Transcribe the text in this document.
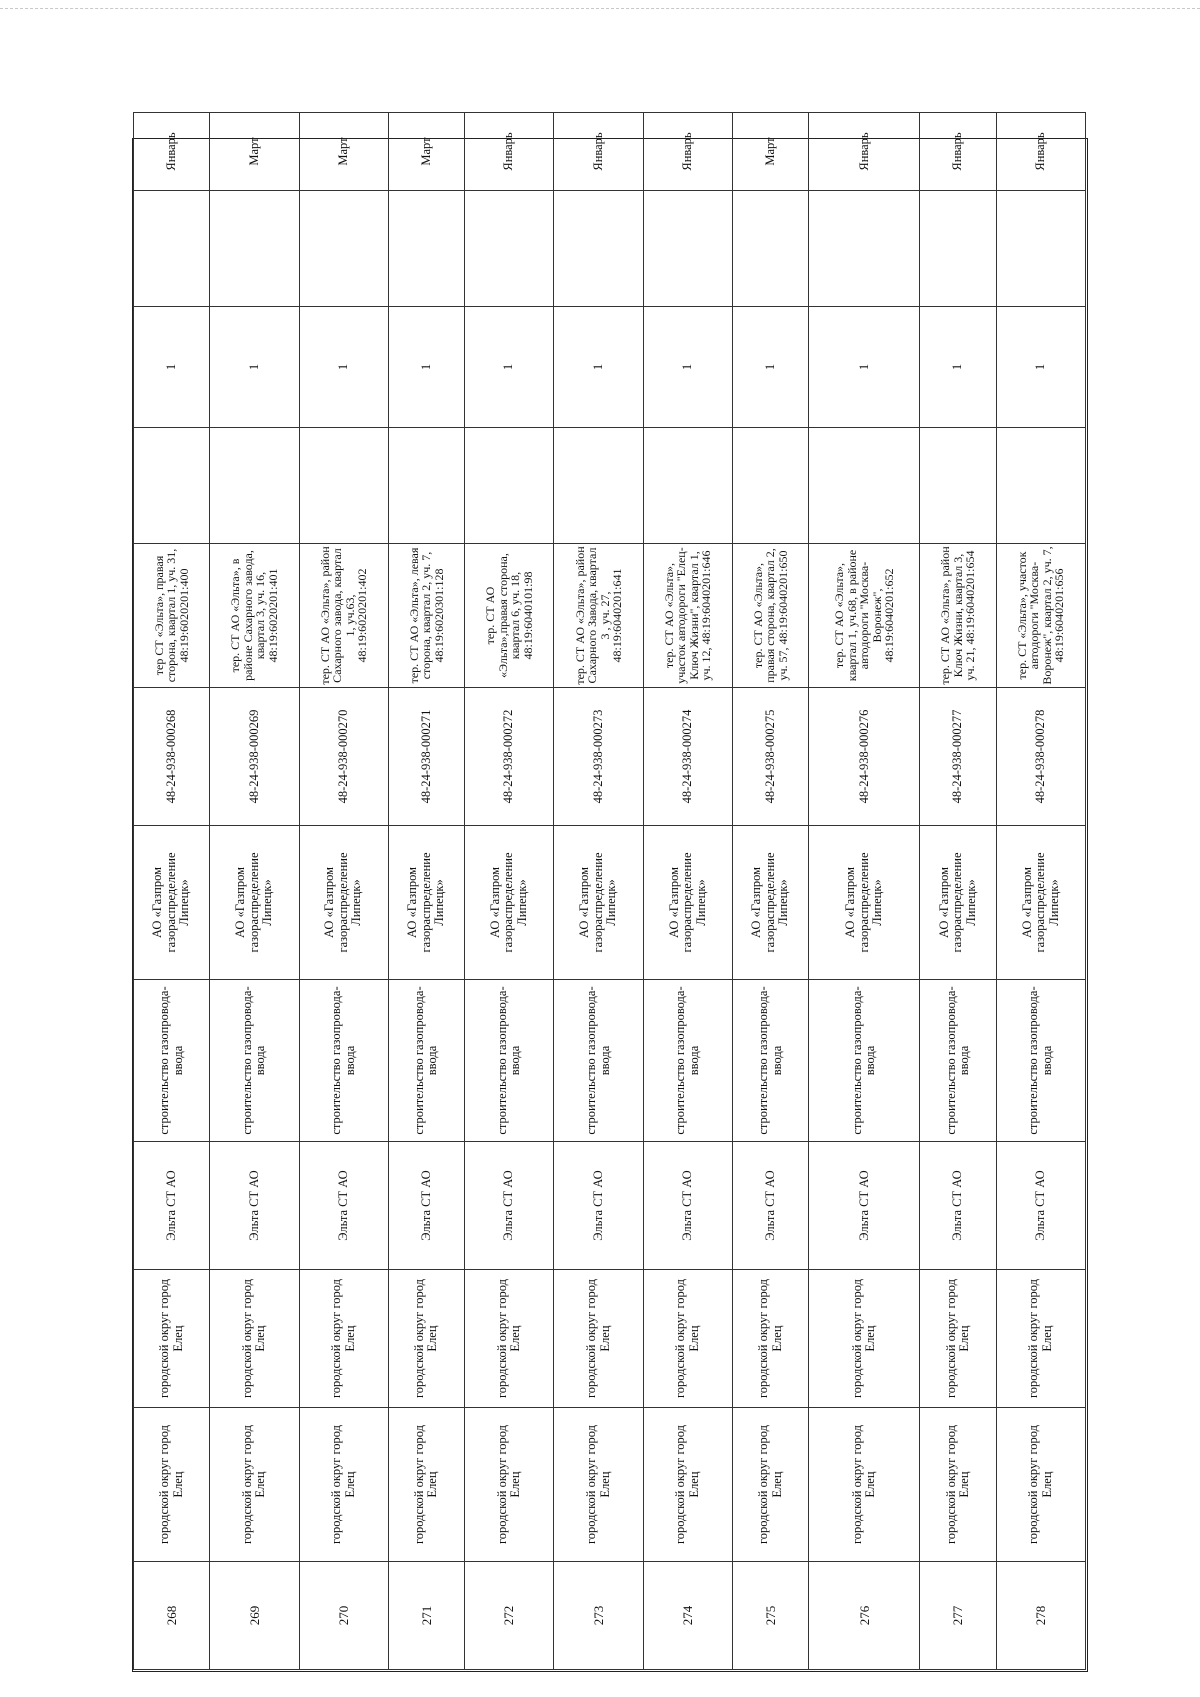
268	городской округ город Елец	городской округ город Елец	Эльта СТ АО	строительство газопровода-ввода	АО «Газпром газораспределение Липецк»	48-24-938-000268	тер СТ «Эльта», правая сторона, квартал 1, уч. 31, 48:19:6020201:400		1		Январь	
269	городской округ город Елец	городской округ город Елец	Эльта СТ АО	строительство газопровода-ввода	АО «Газпром газораспределение Липецк»	48-24-938-000269	тер. СТ АО «Эльта», в районе Сахарного завода, квартал 3, уч. 16, 48:19:6020201:401		1		Март	
270	городской округ город Елец	городской округ город Елец	Эльта СТ АО	строительство газопровода-ввода	АО «Газпром газораспределение Липецк»	48-24-938-000270	тер. СТ АО «Эльта», район Сахарного завода, квартал 1, уч.63, 48:19:6020201:402		1		Март	
271	городской округ город Елец	городской округ город Елец	Эльта СТ АО	строительство газопровода-ввода	АО «Газпром газораспределение Липецк»	48-24-938-000271	тер. СТ АО «Эльта», левая сторона, квартал 2, уч. 7, 48:19:6020301:128		1		Март	
272	городской округ город Елец	городской округ город Елец	Эльта СТ АО	строительство газопровода-ввода	АО «Газпром газораспределение Липецк»	48-24-938-000272	тер. СТ АО «Эльта»,правая сторона, квартал 6, уч. 18, 48:19:6040101:98		1		Январь	
273	городской округ город Елец	городской округ город Елец	Эльта СТ АО	строительство газопровода-ввода	АО «Газпром газораспределение Липецк»	48-24-938-000273	тер. СТ АО «Эльта», район Сахарного Завода, квартал 3 , уч. 27, 48:19:6040201:641		1		Январь	
274	городской округ город Елец	городской округ город Елец	Эльта СТ АО	строительство газопровода-ввода	АО «Газпром газораспределение Липецк»	48-24-938-000274	тер. СТ АО «Эльта», участок автодороги "Елец-Ключ Жизни", квартал 1, уч. 12, 48:19:6040201:646		1		Январь	
275	городской округ город Елец	городской округ город Елец	Эльта СТ АО	строительство газопровода-ввода	АО «Газпром газораспределение Липецк»	48-24-938-000275	тер. СТ АО «Эльта», правая сторона, квартал 2, уч. 57, 48:19:6040201:650		1		Март	
276	городской округ город Елец	городской округ город Елец	Эльта СТ АО	строительство газопровода-ввода	АО «Газпром газораспределение Липецк»	48-24-938-000276	тер. СТ АО «Эльта», квартал 1, уч.68, в районе автодороги "Москва-Воронеж", 48:19:6040201:652		1		Январь	
277	городской округ город Елец	городской округ город Елец	Эльта СТ АО	строительство газопровода-ввода	АО «Газпром газораспределение Липецк»	48-24-938-000277	тер. СТ АО «Эльта», район Ключ Жизни, квартал 3, уч. 21, 48:19:6040201:654		1		Январь	
278	городской округ город Елец	городской округ город Елец	Эльта СТ АО	строительство газопровода-ввода	АО «Газпром газораспределение Липецк»	48-24-938-000278	тер. СТ «Эльта», участок автодороги "Москва-Воронеж", квартал 2, уч. 7, 48:19:6040201:656		1		Январь	
